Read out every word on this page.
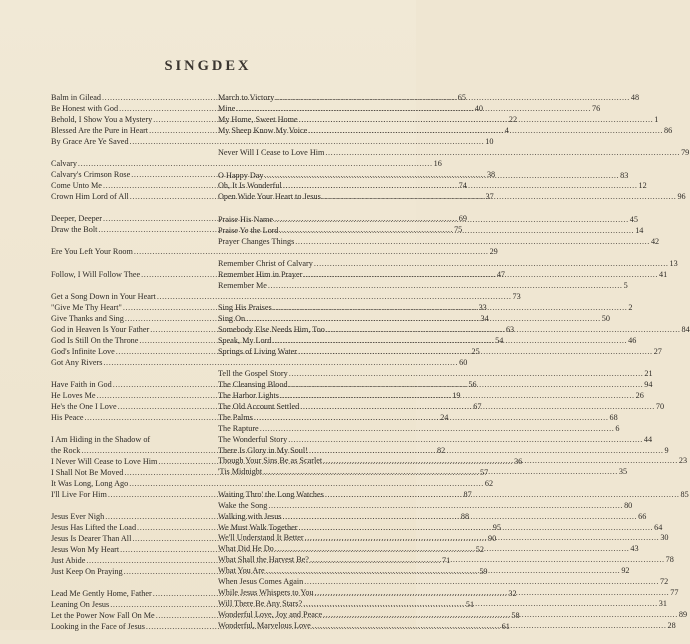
SINGDEX
Balm in Gilead .....	65
Be Honest with God .....	40
Behold, I Show You a Mystery .....	22
Blessed Are the Pure in Heart .....	4
By Grace Are Ye Saved .....	10
Calvary .....	16
Calvary's Crimson Rose .....	38
Come Unto Me .....	74
Crown Him Lord of All .....	37
Deeper, Deeper .....	69
Draw the Bolt .....	75
Ere You Left Your Room .....	29
Follow, I Will Follow Thee .....	47
Get a Song Down in Your Heart .....	73
"Give Me Thy Heart" .....	33
Give Thanks and Sing .....	34
God in Heaven Is Your Father .....	63
God Is Still On the Throne .....	54
God's Infinite Love .....	25
Got Any Rivers .....	60
Have Faith in God .....	56
He Loves Me .....	19
He's the One I Love .....	67
His Peace .....	24
I Am Hiding in the Shadow of
the Rock .....	82
I Never Will Cease to Love Him .....	36
I Shall Not Be Moved .....	57
It Was Long, Long Ago .....	62
I'll Live For Him .....	87
Jesus Ever Nigh .....	88
Jesus Has Lifted the Load .....	95
Jesus Is Dearer Than All .....	90
Jesus Won My Heart .....	52
Just Abide .....	71
Just Keep On Praying .....	59
Lead Me Gently Home, Father .....	32
Leaning On Jesus .....	51
Let the Power Now Fall On Me .....	58
Looking in the Face of Jesus .....	61
March to Victory .....	48
Mine .....	76
My Home, Sweet Home .....	1
My Sheep Know My Voice .....	86
Never Will I Cease to Love Him .....	79
O Happy Day .....	83
Oh, It Is Wonderful .....	12
Open Wide Your Heart to Jesus .....	96
Praise His Name .....	45
Praise Ye the Lord .....	14
Prayer Changes Things .....	42
Remember Christ of Calvary .....	13
Remember Him in Prayer .....	41
Remember Me .....	5
Sing His Praises .....	2
Sing On .....	50
Somebody Else Needs Him, Too .....	84
Speak, My Lord .....	46
Springs of Living Water .....	27
Tell the Gospel Story .....	21
The Cleansing Blood .....	94
The Harbor Lights .....	26
The Old Account Settled .....	70
The Palms .....	68
The Rapture .....	6
The Wonderful Story .....	44
There Is Glory in My Soul! .....	9
Though Your Sins Be as Scarlet .....	23
'Tis Midnight .....	35
Waiting Thro' the Long Watches .....	85
Wake the Song .....	80
Walking with Jesus .....	66
We Must Walk Together .....	64
We'll Understand It Better .....	30
What Did He Do .....	43
What Shall the Harvest Be? .....	78
What You Are .....	92
When Jesus Comes Again .....	72
While Jesus Whispers to You .....	77
Will There Be Any Stars? .....	31
Wonderful Love, Joy and Peace .....	89
Wonderful, Marvelous Love .....	28
